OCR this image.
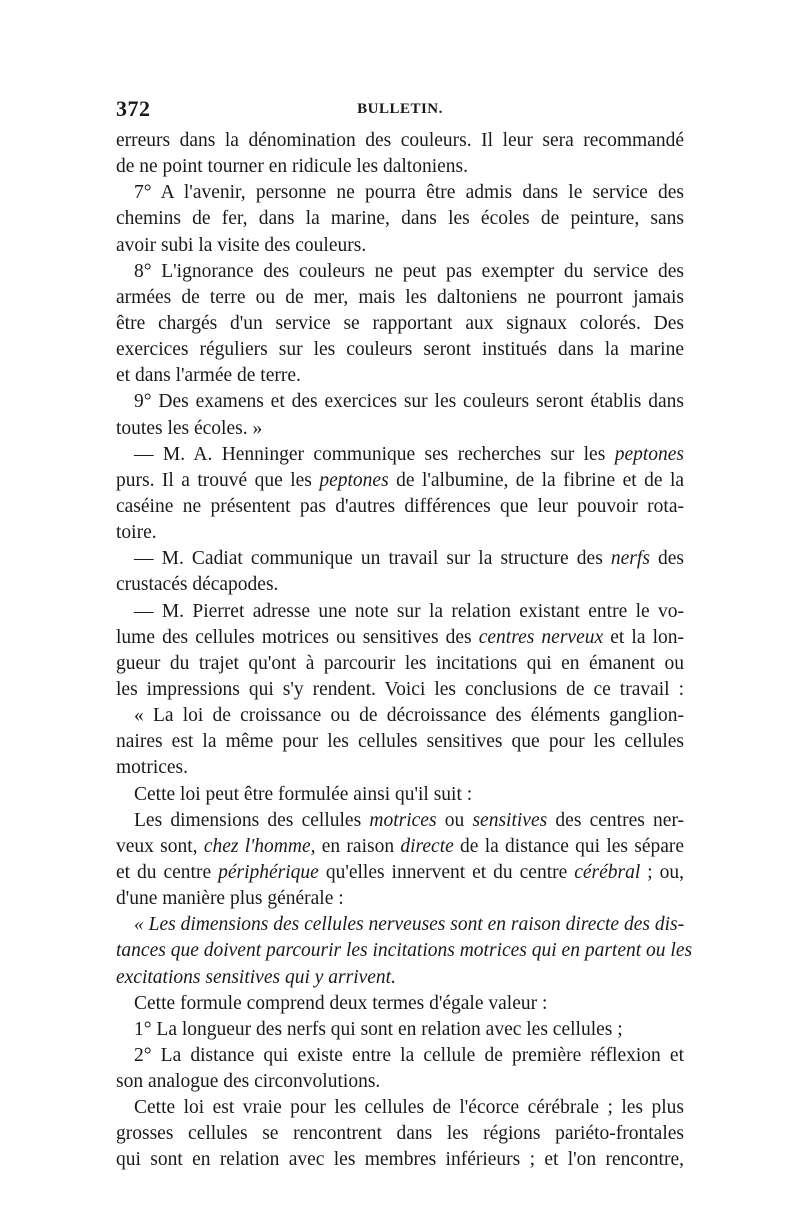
372	BULLETIN.
erreurs dans la dénomination des couleurs. Il leur sera recommandé
de ne point tourner en ridicule les daltoniens.
7° A l'avenir, personne ne pourra être admis dans le service des
chemins de fer, dans la marine, dans les écoles de peinture, sans
avoir subi la visite des couleurs.
8° L'ignorance des couleurs ne peut pas exempter du service des
armées de terre ou de mer, mais les daltoniens ne pourront jamais
être chargés d'un service se rapportant aux signaux colorés. Des
exercices réguliers sur les couleurs seront institués dans la marine
et dans l'armée de terre.
9° Des examens et des exercices sur les couleurs seront établis dans
toutes les écoles. »
— M. A. Henninger communique ses recherches sur les peptones
purs. Il a trouvé que les peptones de l'albumine, de la fibrine et de la
caséine ne présentent pas d'autres différences que leur pouvoir rota-
toire.
— M. Cadiat communique un travail sur la structure des nerfs des
crustacés décapodes.
— M. Pierret adresse une note sur la relation existant entre le vo-
lume des cellules motrices ou sensitives des centres nerveux et la lon-
gueur du trajet qu'ont à parcourir les incitations qui en émanent ou
les impressions qui s'y rendent. Voici les conclusions de ce travail :
« La loi de croissance ou de décroissance des éléments ganglion-
naires est la même pour les cellules sensitives que pour les cellules
motrices.
Cette loi peut être formulée ainsi qu'il suit :
Les dimensions des cellules motrices ou sensitives des centres ner-
veux sont, chez l'homme, en raison directe de la distance qui les sépare
et du centre périphérique qu'elles innervent et du centre cérébral ; ou,
d'une manière plus générale :
« Les dimensions des cellules nerveuses sont en raison directe des dis-
tances que doivent parcourir les incitations motrices qui en partent ou les
excitations sensitives qui y arrivent.
Cette formule comprend deux termes d'égale valeur :
1° La longueur des nerfs qui sont en relation avec les cellules ;
2° La distance qui existe entre la cellule de première réflexion et
son analogue des circonvolutions.
Cette loi est vraie pour les cellules de l'écorce cérébrale ; les plus
grosses cellules se rencontrent dans les régions pariéto-frontales
qui sont en relation avec les membres inférieurs ; et l'on rencontre,
